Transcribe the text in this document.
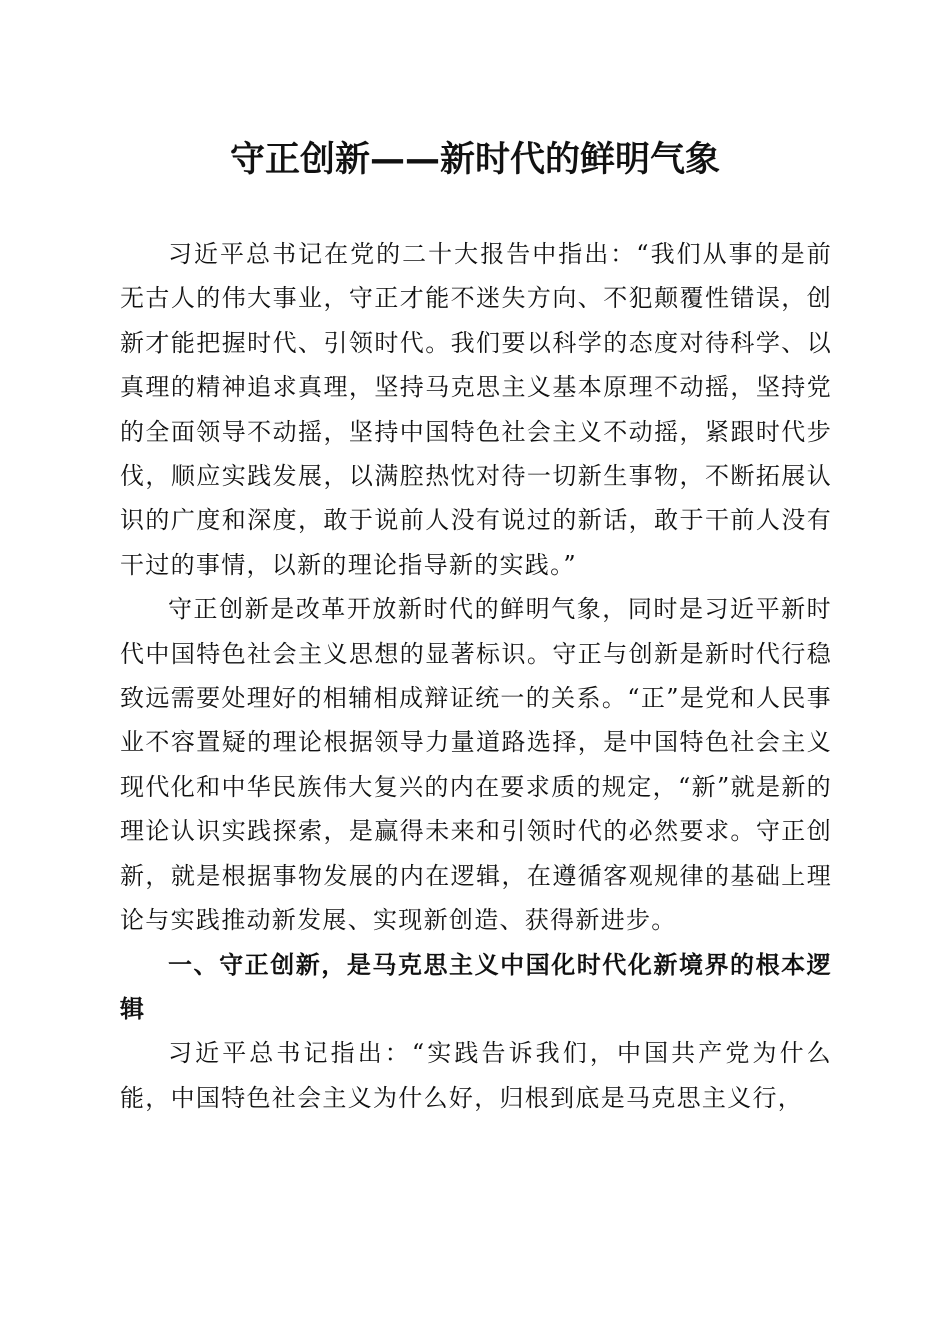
守正创新——新时代的鲜明气象

习近平总书记在党的二十大报告中指出：“我们从事的是前无古人的伟大事业，守正才能不迷失方向、不犯颠覆性错误，创新才能把握时代、引领时代。我们要以科学的态度对待科学、以真理的精神追求真理，坚持马克思主义基本原理不动摇，坚持党的全面领导不动摇，坚持中国特色社会主义不动摇，紧跟时代步伐，顺应实践发展，以满腔热忱对待一切新生事物，不断拓展认识的广度和深度，敢于说前人没有说过的新话，敢于干前人没有干过的事情，以新的理论指导新的实践。”

守正创新是改革开放新时代的鲜明气象，同时是习近平新时代中国特色社会主义思想的显著标识。守正与创新是新时代行稳致远需要处理好的相辅相成辩证统一的关系。“正”是党和人民事业不容置疑的理论根据领导力量道路选择，是中国特色社会主义现代化和中华民族伟大复兴的内在要求质的规定，“新”就是新的理论认识实践探索，是赢得未来和引领时代的必然要求。守正创新，就是根据事物发展的内在逻辑，在遵循客观规律的基础上理论与实践推动新发展、实现新创造、获得新进步。

一、守正创新，是马克思主义中国化时代化新境界的根本逻辑

习近平总书记指出：“实践告诉我们，中国共产党为什么能，中国特色社会主义为什么好，归根到底是马克思主义行，
